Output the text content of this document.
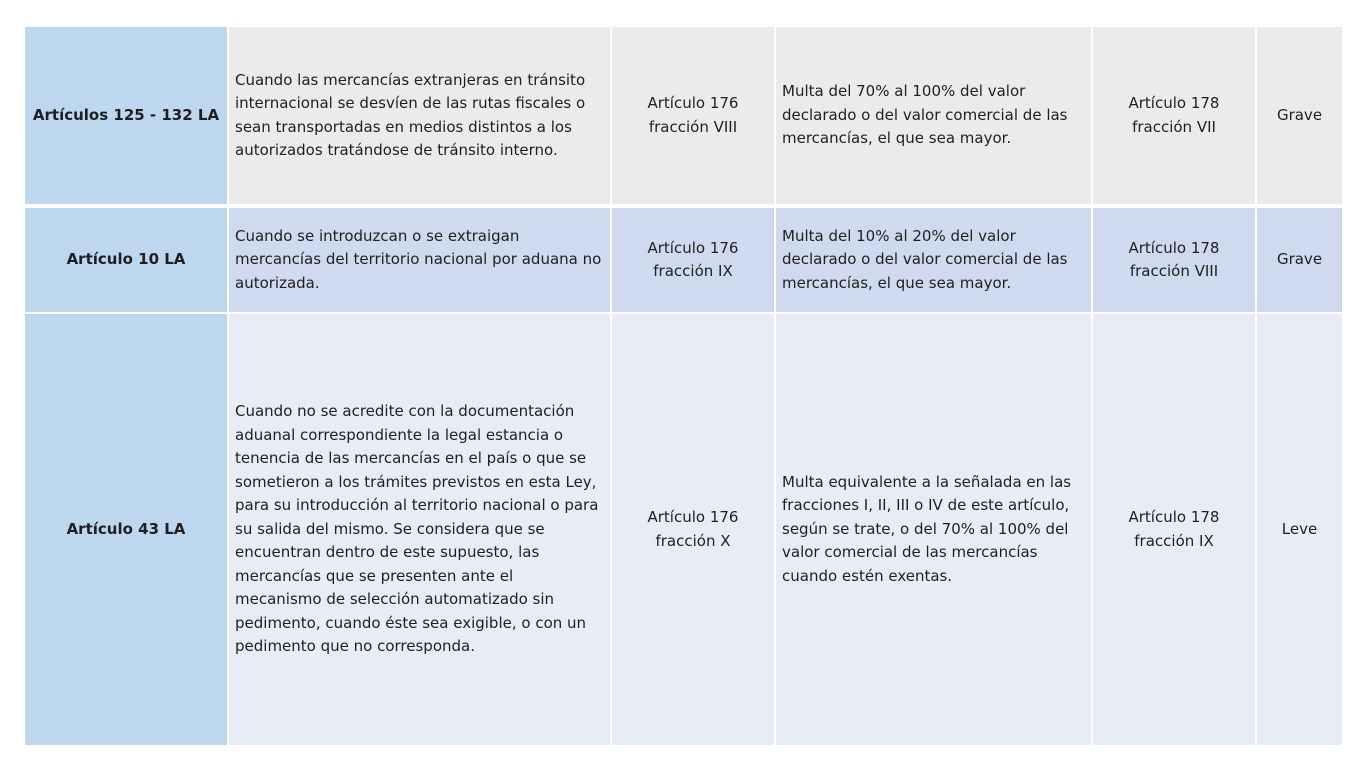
Artículos 125 - 132 LA	Cuando las mercancías extranjeras en tránsito internacional se desvíen de las rutas fiscales o sean transportadas en medios distintos a los autorizados tratándose de tránsito interno.	Artículo 176 fracción VIII	Multa del 70% al 100% del valor declarado o del valor comercial de las mercancías, el que sea mayor.	Artículo 178 fracción VII	Grave
Artículo 10 LA	Cuando se introduzcan o se extraigan mercancías del territorio nacional por aduana no autorizada.	Artículo 176 fracción IX	Multa del 10% al 20% del valor declarado o del valor comercial de las mercancías, el que sea mayor.	Artículo 178 fracción VIII	Grave
Artículo 43 LA	Cuando no se acredite con la documentación aduanal correspondiente la legal estancia o tenencia de las mercancías en el país o que se sometieron a los trámites previstos en esta Ley, para su introducción al territorio nacional o para su salida del mismo. Se considera que se encuentran dentro de este supuesto, las mercancías que se presenten ante el mecanismo de selección automatizado sin pedimento, cuando éste sea exigible, o con un pedimento que no corresponda.	Artículo 176 fracción X	Multa equivalente a la señalada en las fracciones I, II, III o IV de este artículo, según se trate, o del 70% al 100% del valor comercial de las mercancías cuando estén exentas.	Artículo 178 fracción IX	Leve
